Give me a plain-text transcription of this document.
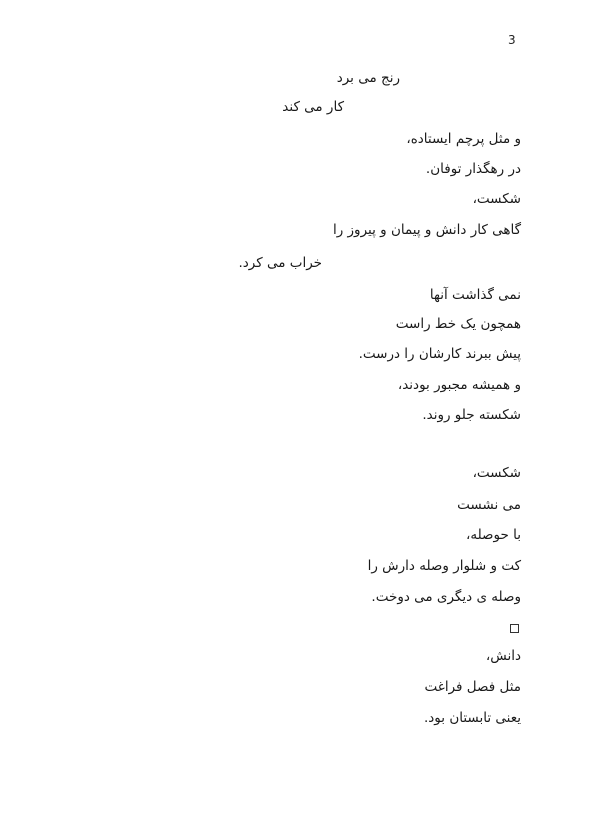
3
رنج می برد
کار می کند
و مثل پرچم ایستاده،
در رهگذار توفان.
شکست،
گاهی کار دانش و پیمان و پیروز را
خراب می کرد.
نمی گذاشت آنها
همچون یک خط راست
پیش ببرند کارشان را درست.
و همیشه مجبور بودند،
شکسته جلو روند.
شکست،
می نشست
با حوصله،
کت و شلوار وصله دارش را
وصله ی دیگری می دوخت.
دانش،
مثل فصل فراغت
یعنی تابستان بود.
